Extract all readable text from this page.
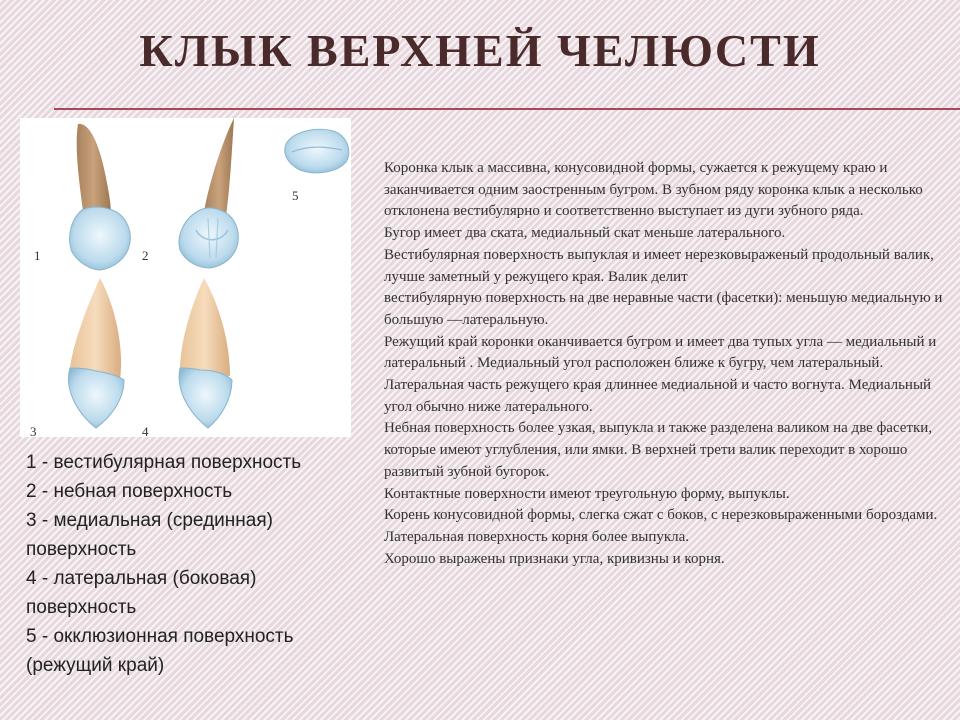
КЛЫК ВЕРХНЕЙ ЧЕЛЮСТИ
1	2
3	4
5
1 - вестибулярная поверхность
2 - небная поверхность
3 - медиальная (срединная) поверхность
4 - латеральная (боковая) поверхность
5 - окклюзионная поверхность (режущий край)
Коронка клык а массивна, конусовидной формы, сужается к режущему краю и заканчивается одним заостренным бугром. В зубном ряду коронка клык а несколько отклонена вестибулярно и соответственно выступает из дуги зубного ряда.
Бугор имеет два ската, медиальный скат меньше латерального.
Вестибулярная поверхность выпуклая и имеет нерезковыраженый продольный валик, лучше заметный у режущего края. Валик делит
вестибулярную поверхность на две неравные части (фасетки): меньшую медиальную и большую —латеральную.
Режущий край коронки оканчивается бугром и имеет два тупых угла — медиальный и
латеральный . Медиальный угол расположен ближе к бугру, чем латеральный. Латеральная часть режущего края длиннее медиальной и часто вогнута. Медиальный
угол обычно ниже латерального.
Небная поверхность более узкая, выпукла и также разделена валиком на две фасетки, которые имеют углубления, или ямки. В верхней трети валик переходит в хорошо развитый зубной бугорок.
Контактные поверхности имеют треугольную форму, выпуклы.
Корень конусовидной формы, слегка сжат с боков, с нерезковыраженными бороздами.
Латеральная поверхность корня более выпукла.
Хорошо выражены признаки угла, кривизны и корня.
